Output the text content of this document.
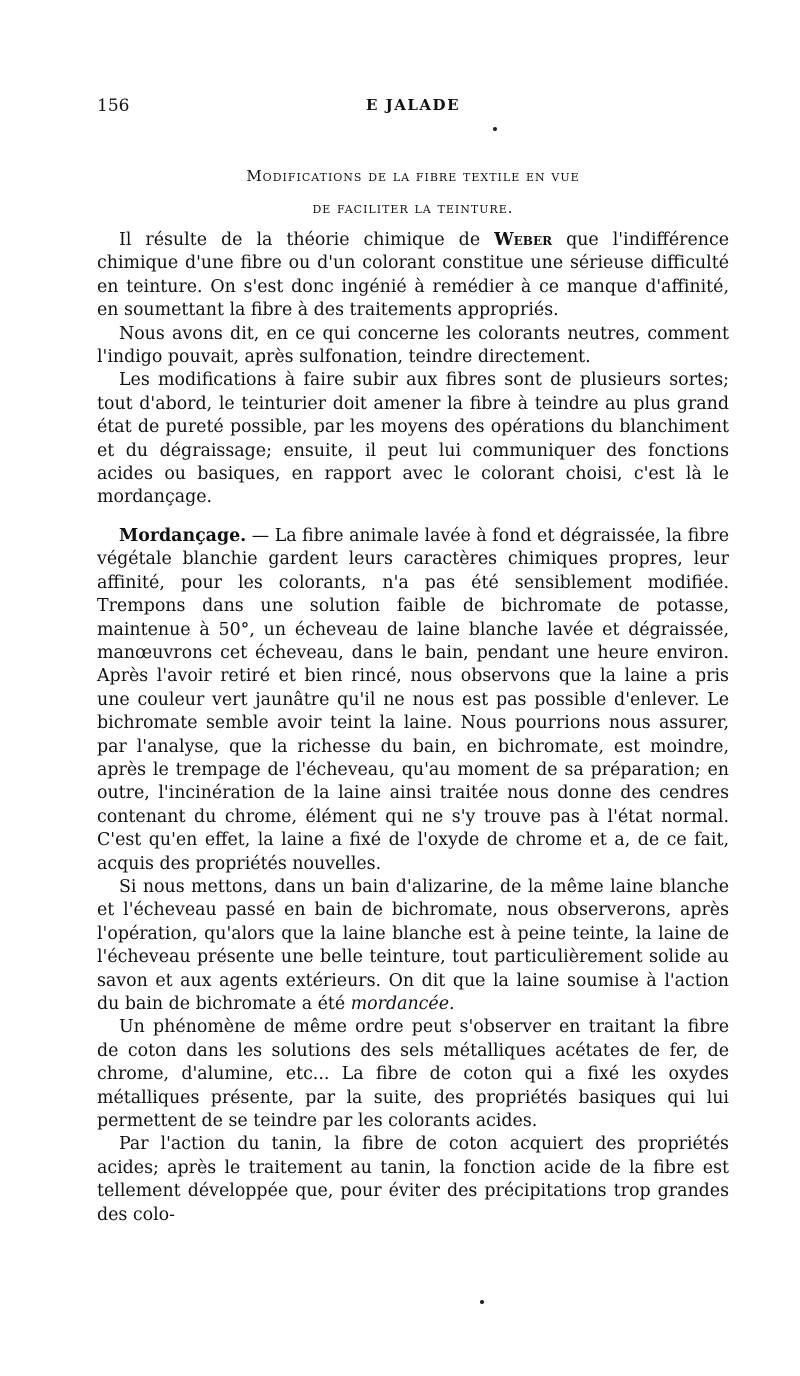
156	E JALADE
Modifications de la fibre textile en vue
de faciliter la teinture.

Il résulte de la théorie chimique de Weber que l'indifférence chimique d'une fibre ou d'un colorant constitue une sérieuse difficulté en teinture. On s'est donc ingénié à remédier à ce manque d'affinité, en soumettant la fibre à des traitements appropriés.

Nous avons dit, en ce qui concerne les colorants neutres, comment l'indigo pouvait, après sulfonation, teindre directement.

Les modifications à faire subir aux fibres sont de plusieurs sortes; tout d'abord, le teinturier doit amener la fibre à teindre au plus grand état de pureté possible, par les moyens des opérations du blanchiment et du dégraissage; ensuite, il peut lui communiquer des fonctions acides ou basiques, en rapport avec le colorant choisi, c'est là le mordançage.

Mordançage. — La fibre animale lavée à fond et dégraissée, la fibre végétale blanchie gardent leurs caractères chimiques propres, leur affinité, pour les colorants, n'a pas été sensiblement modifiée. Trempons dans une solution faible de bichromate de potasse, maintenue à 50°, un écheveau de laine blanche lavée et dégraissée, manœuvrons cet écheveau, dans le bain, pendant une heure environ. Après l'avoir retiré et bien rincé, nous observons que la laine a pris une couleur vert jaunâtre qu'il ne nous est pas possible d'enlever. Le bichromate semble avoir teint la laine. Nous pourrions nous assurer, par l'analyse, que la richesse du bain, en bichromate, est moindre, après le trempage de l'écheveau, qu'au moment de sa préparation; en outre, l'incinération de la laine ainsi traitée nous donne des cendres contenant du chrome, élément qui ne s'y trouve pas à l'état normal. C'est qu'en effet, la laine a fixé de l'oxyde de chrome et a, de ce fait, acquis des propriétés nouvelles.

Si nous mettons, dans un bain d'alizarine, de la même laine blanche et l'écheveau passé en bain de bichromate, nous observerons, après l'opération, qu'alors que la laine blanche est à peine teinte, la laine de l'écheveau présente une belle teinture, tout particulièrement solide au savon et aux agents extérieurs. On dit que la laine soumise à l'action du bain de bichromate a été mordancée.

Un phénomène de même ordre peut s'observer en traitant la fibre de coton dans les solutions des sels métalliques acétates de fer, de chrome, d'alumine, etc... La fibre de coton qui a fixé les oxydes métalliques présente, par la suite, des propriétés basiques qui lui permettent de se teindre par les colorants acides.

Par l'action du tanin, la fibre de coton acquiert des propriétés acides; après le traitement au tanin, la fonction acide de la fibre est tellement développée que, pour éviter des précipitations trop grandes des colo-
